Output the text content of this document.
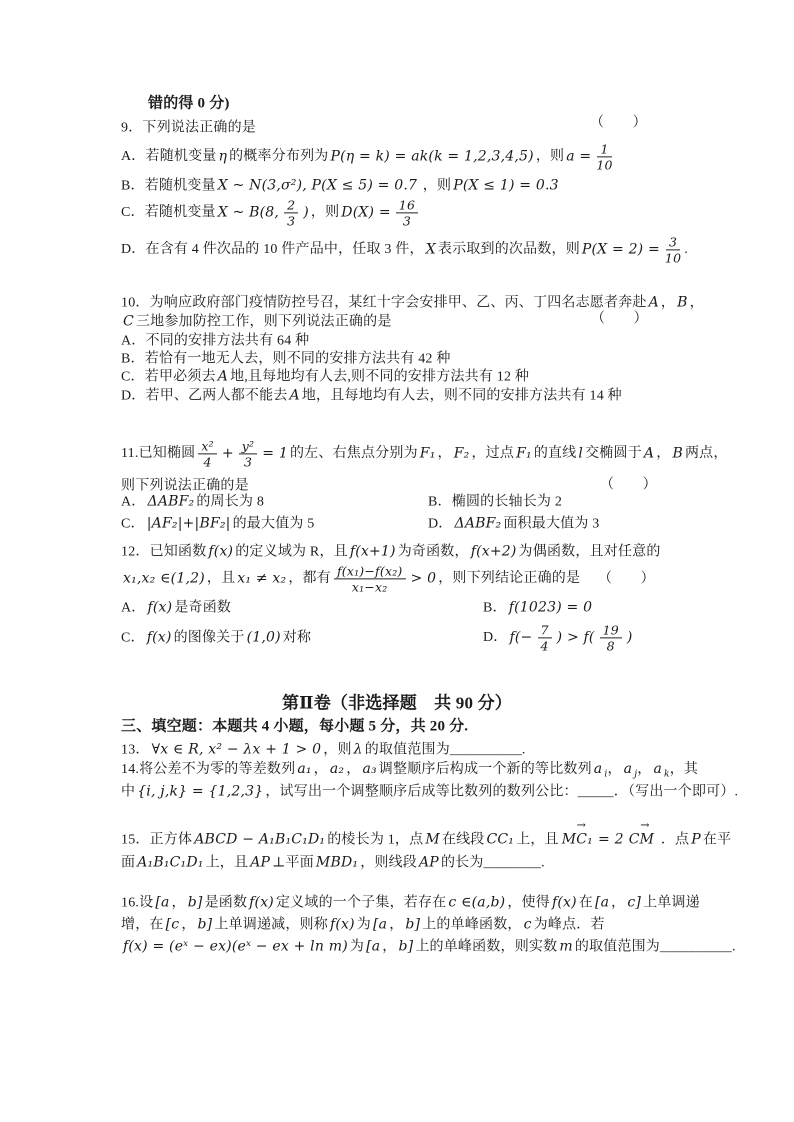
错的得 0 分)
9．下列说法正确的是	（　　）
A．若随机变量 η 的概率分布列为 P(η = k) = ak(k = 1,2,3,4,5) ，则 $a = \frac{1}{10}$
B．若随机变量 X ~ N(3,σ²), P(X ≤ 5) = 0.7 ，则 P(X ≤ 1) = 0.3
C．若随机变量 X ~ B(8, $\frac{2}{3}$ ) ，则 $D(X) = \frac{16}{3}$
D．在含有 4 件次品的 10 件产品中，任取 3 件， X 表示取到的次品数，则 $P(X = 2) = \frac{3}{10}$ .
10．为响应政府部门疫情防控号召，某红十字会安排甲、乙、丙、丁四名志愿者奔赴 A ， B ，
C 三地参加防控工作，则下列说法正确的是	（　　）
A．不同的安排方法共有 64 种
B．若恰有一地无人去，则不同的安排方法共有 42 种
C．若甲必须去 A 地,且每地均有人去,则不同的安排方法共有 12 种
D．若甲、乙两人都不能去 A 地，且每地均有人去，则不同的安排方法共有 14 种
11.已知椭圆 $\frac{\text{x²}}{4} + \frac{\text{y²}}{3} = 1$ 的左、右焦点分别为 F₁ ， F₂ ，过点 F₁ 的直线 l 交椭圆于 A ， B 两点，
则下列说法正确的是	（　　）
A． ΔABF₂ 的周长为 8	B．椭圆的长轴长为 2
C． |AF₂|+|BF₂| 的最大值为 5	D． ΔABF₂ 面积最大值为 3
12．已知函数 f(x) 的定义域为 R，且 f(x+1) 为奇函数， f(x+2) 为偶函数，且对任意的
x₁,x₂ ∈(1,2) ，且 x₁ ≠ x₂ ，都有 $\frac{\text{f(x₁)−f(x₂)}}{\text{x₁−x₂}} > 0$ ，则下列结论正确的是 （　　）
A． f(x) 是奇函数	B． f(1023) = 0
C． f(x) 的图像关于 (1,0) 对称	D． $f(- \frac{7}{4}$ ) > $f( \frac{19}{8}$ )
第Ⅱ卷（非选择题　共 90 分）
三、填空题：本题共 4 小题，每小题 5 分，共 20 分.
13． ∀x ∈ R, x² − λx + 1 > 0 ，则 λ 的取值范围为__________.
14.将公差不为零的等差数列 a₁ ， a₂ ， a₃ 调整顺序后构成一个新的等比数列 a $_i$， a $_j$， a $_k$，其
中 {i, j,k} = {1,2,3} ，试写出一个调整顺序后成等比数列的数列公比：_____．（写出一个即可）.
15．正方体 ABCD − A₁B₁C₁D₁ 的棱长为 1，点 M 在线段 CC₁ 上，且
→
MC₁ = 2
→
CM ．点 P 在平
面 A₁B₁C₁D₁ 上，且 AP ⊥平面 MBD₁ ，则线段 AP 的长为________.
16.设 [a ， b] 是函数 f(x) 定义域的一个子集，若存在 c ∈(a,b) ，使得 f(x) 在 [a ， c] 上单调递
增，在 [c ， b] 上单调递减，则称 f(x) 为 [a ， b] 上的单峰函数， c 为峰点．若
f(x) = (eˣ − ex)(eˣ − ex + ln m) 为 [a ， b] 上的单峰函数，则实数 m 的取值范围为__________.
